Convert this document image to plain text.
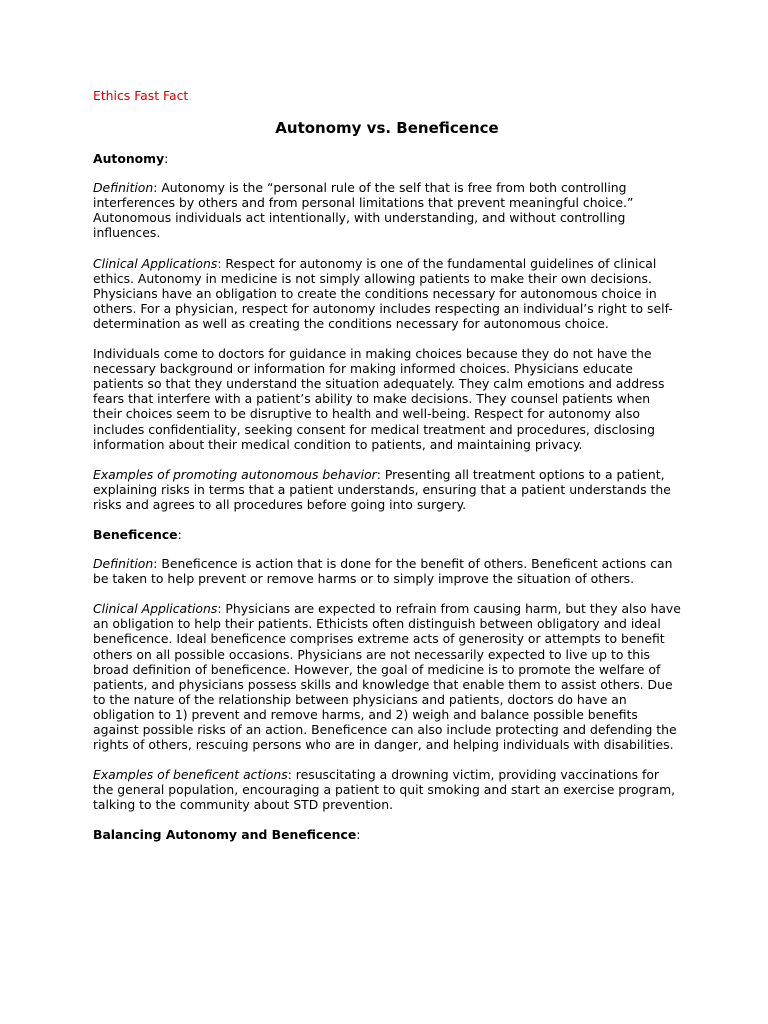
Ethics Fast Fact
Autonomy vs. Beneficence
Autonomy:

Definition: Autonomy is the “personal rule of the self that is free from both controlling interferences by others and from personal limitations that prevent meaningful choice.” Autonomous individuals act intentionally, with understanding, and without controlling influences.

Clinical Applications: Respect for autonomy is one of the fundamental guidelines of clinical ethics. Autonomy in medicine is not simply allowing patients to make their own decisions. Physicians have an obligation to create the conditions necessary for autonomous choice in others. For a physician, respect for autonomy includes respecting an individual’s right to self-determination as well as creating the conditions necessary for autonomous choice.

Individuals come to doctors for guidance in making choices because they do not have the necessary background or information for making informed choices. Physicians educate patients so that they understand the situation adequately. They calm emotions and address fears that interfere with a patient’s ability to make decisions. They counsel patients when their choices seem to be disruptive to health and well-being. Respect for autonomy also includes confidentiality, seeking consent for medical treatment and procedures, disclosing information about their medical condition to patients, and maintaining privacy.

Examples of promoting autonomous behavior: Presenting all treatment options to a patient, explaining risks in terms that a patient understands, ensuring that a patient understands the risks and agrees to all procedures before going into surgery.

Beneficence:

Definition: Beneficence is action that is done for the benefit of others. Beneficent actions can be taken to help prevent or remove harms or to simply improve the situation of others.

Clinical Applications: Physicians are expected to refrain from causing harm, but they also have an obligation to help their patients. Ethicists often distinguish between obligatory and ideal beneficence. Ideal beneficence comprises extreme acts of generosity or attempts to benefit others on all possible occasions. Physicians are not necessarily expected to live up to this broad definition of beneficence. However, the goal of medicine is to promote the welfare of patients, and physicians possess skills and knowledge that enable them to assist others. Due to the nature of the relationship between physicians and patients, doctors do have an obligation to 1) prevent and remove harms, and 2) weigh and balance possible benefits against possible risks of an action. Beneficence can also include protecting and defending the rights of others, rescuing persons who are in danger, and helping individuals with disabilities.

Examples of beneficent actions: resuscitating a drowning victim, providing vaccinations for the general population, encouraging a patient to quit smoking and start an exercise program, talking to the community about STD prevention.

Balancing Autonomy and Beneficence:
